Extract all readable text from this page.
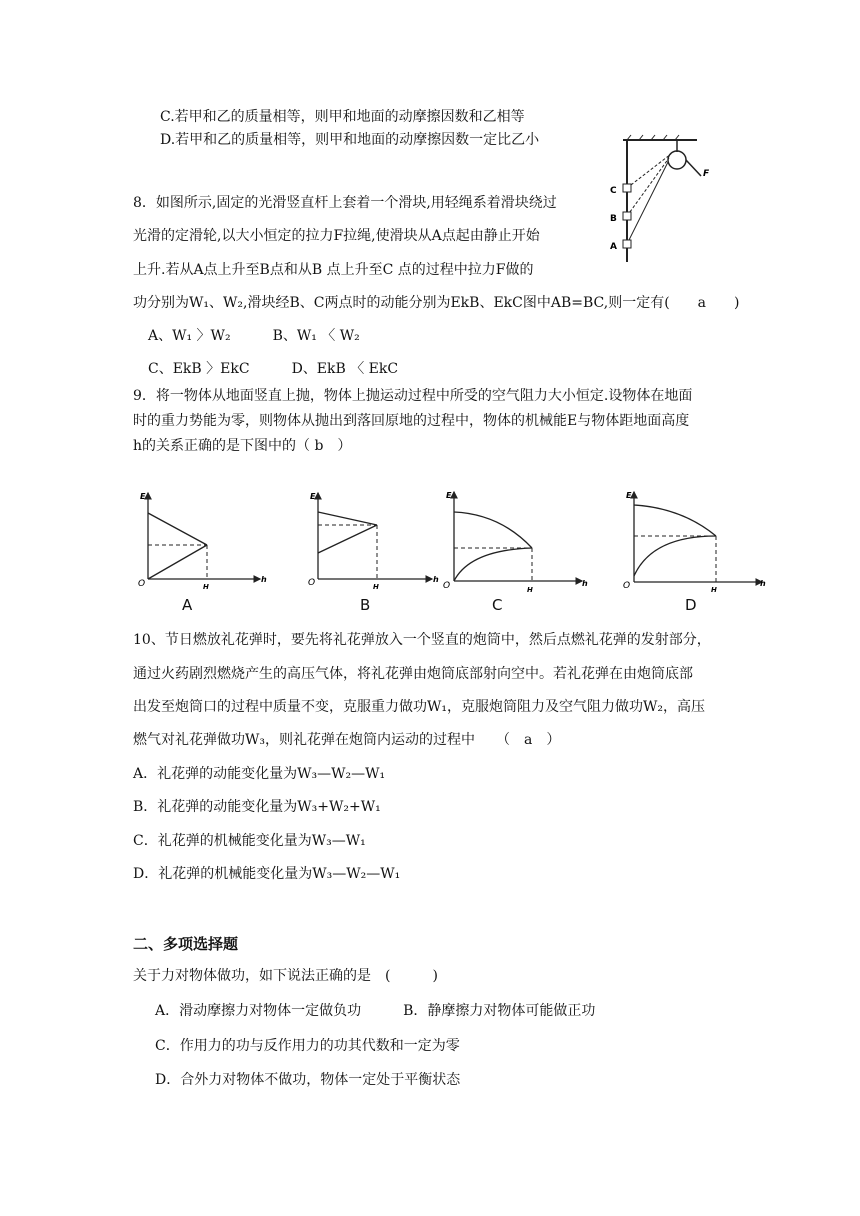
C.若甲和乙的质量相等，则甲和地面的动摩擦因数和乙相等
D.若甲和乙的质量相等，则甲和地面的动摩擦因数一定比乙小
8．如图所示,固定的光滑竖直杆上套着一个滑块,用轻绳系着滑块绕过
光滑的定滑轮,以大小恒定的拉力F拉绳,使滑块从A点起由静止开始
上升.若从A点上升至B点和从B 点上升至C 点的过程中拉力F做的
功分别为W₁、W₂,滑块经B、C两点时的动能分别为EkB、EkC图中AB=BC,则一定有(　　a　　)
A、W₁ 〉W₂　　　B、W₁ 〈 W₂
C、EkB 〉EkC　　　D、EkB 〈 EkC
C
B
A
F
9．将一物体从地面竖直上抛，物体上抛运动过程中所受的空气阻力大小恒定.设物体在地面
时的重力势能为零，则物体从抛出到落回原地的过程中，物体的机械能E与物体距地面高度
h的关系正确的是下图中的（ b　）
E
O	H
h
A
E
O	H
h
B
E
O	H
h
C
E
O	H
h
D
10、节日燃放礼花弹时，要先将礼花弹放入一个竖直的炮筒中，然后点燃礼花弹的发射部分，
通过火药剧烈燃烧产生的高压气体，将礼花弹由炮筒底部射向空中。若礼花弹在由炮筒底部
出发至炮筒口的过程中质量不变，克服重力做功W₁，克服炮筒阻力及空气阻力做功W₂，高压
燃气对礼花弹做功W₃，则礼花弹在炮筒内运动的过程中　　（　a　）
A．礼花弹的动能变化量为W₃—W₂—W₁
B．礼花弹的动能变化量为W₃+W₂+W₁
C．礼花弹的机械能变化量为W₃—W₁
D．礼花弹的机械能变化量为W₃—W₂—W₁
二、多项选择题
关于力对物体做功，如下说法正确的是　(　　　)
A．滑动摩擦力对物体一定做负功　　　B．静摩擦力对物体可能做正功
C．作用力的功与反作用力的功其代数和一定为零
D．合外力对物体不做功，物体一定处于平衡状态
